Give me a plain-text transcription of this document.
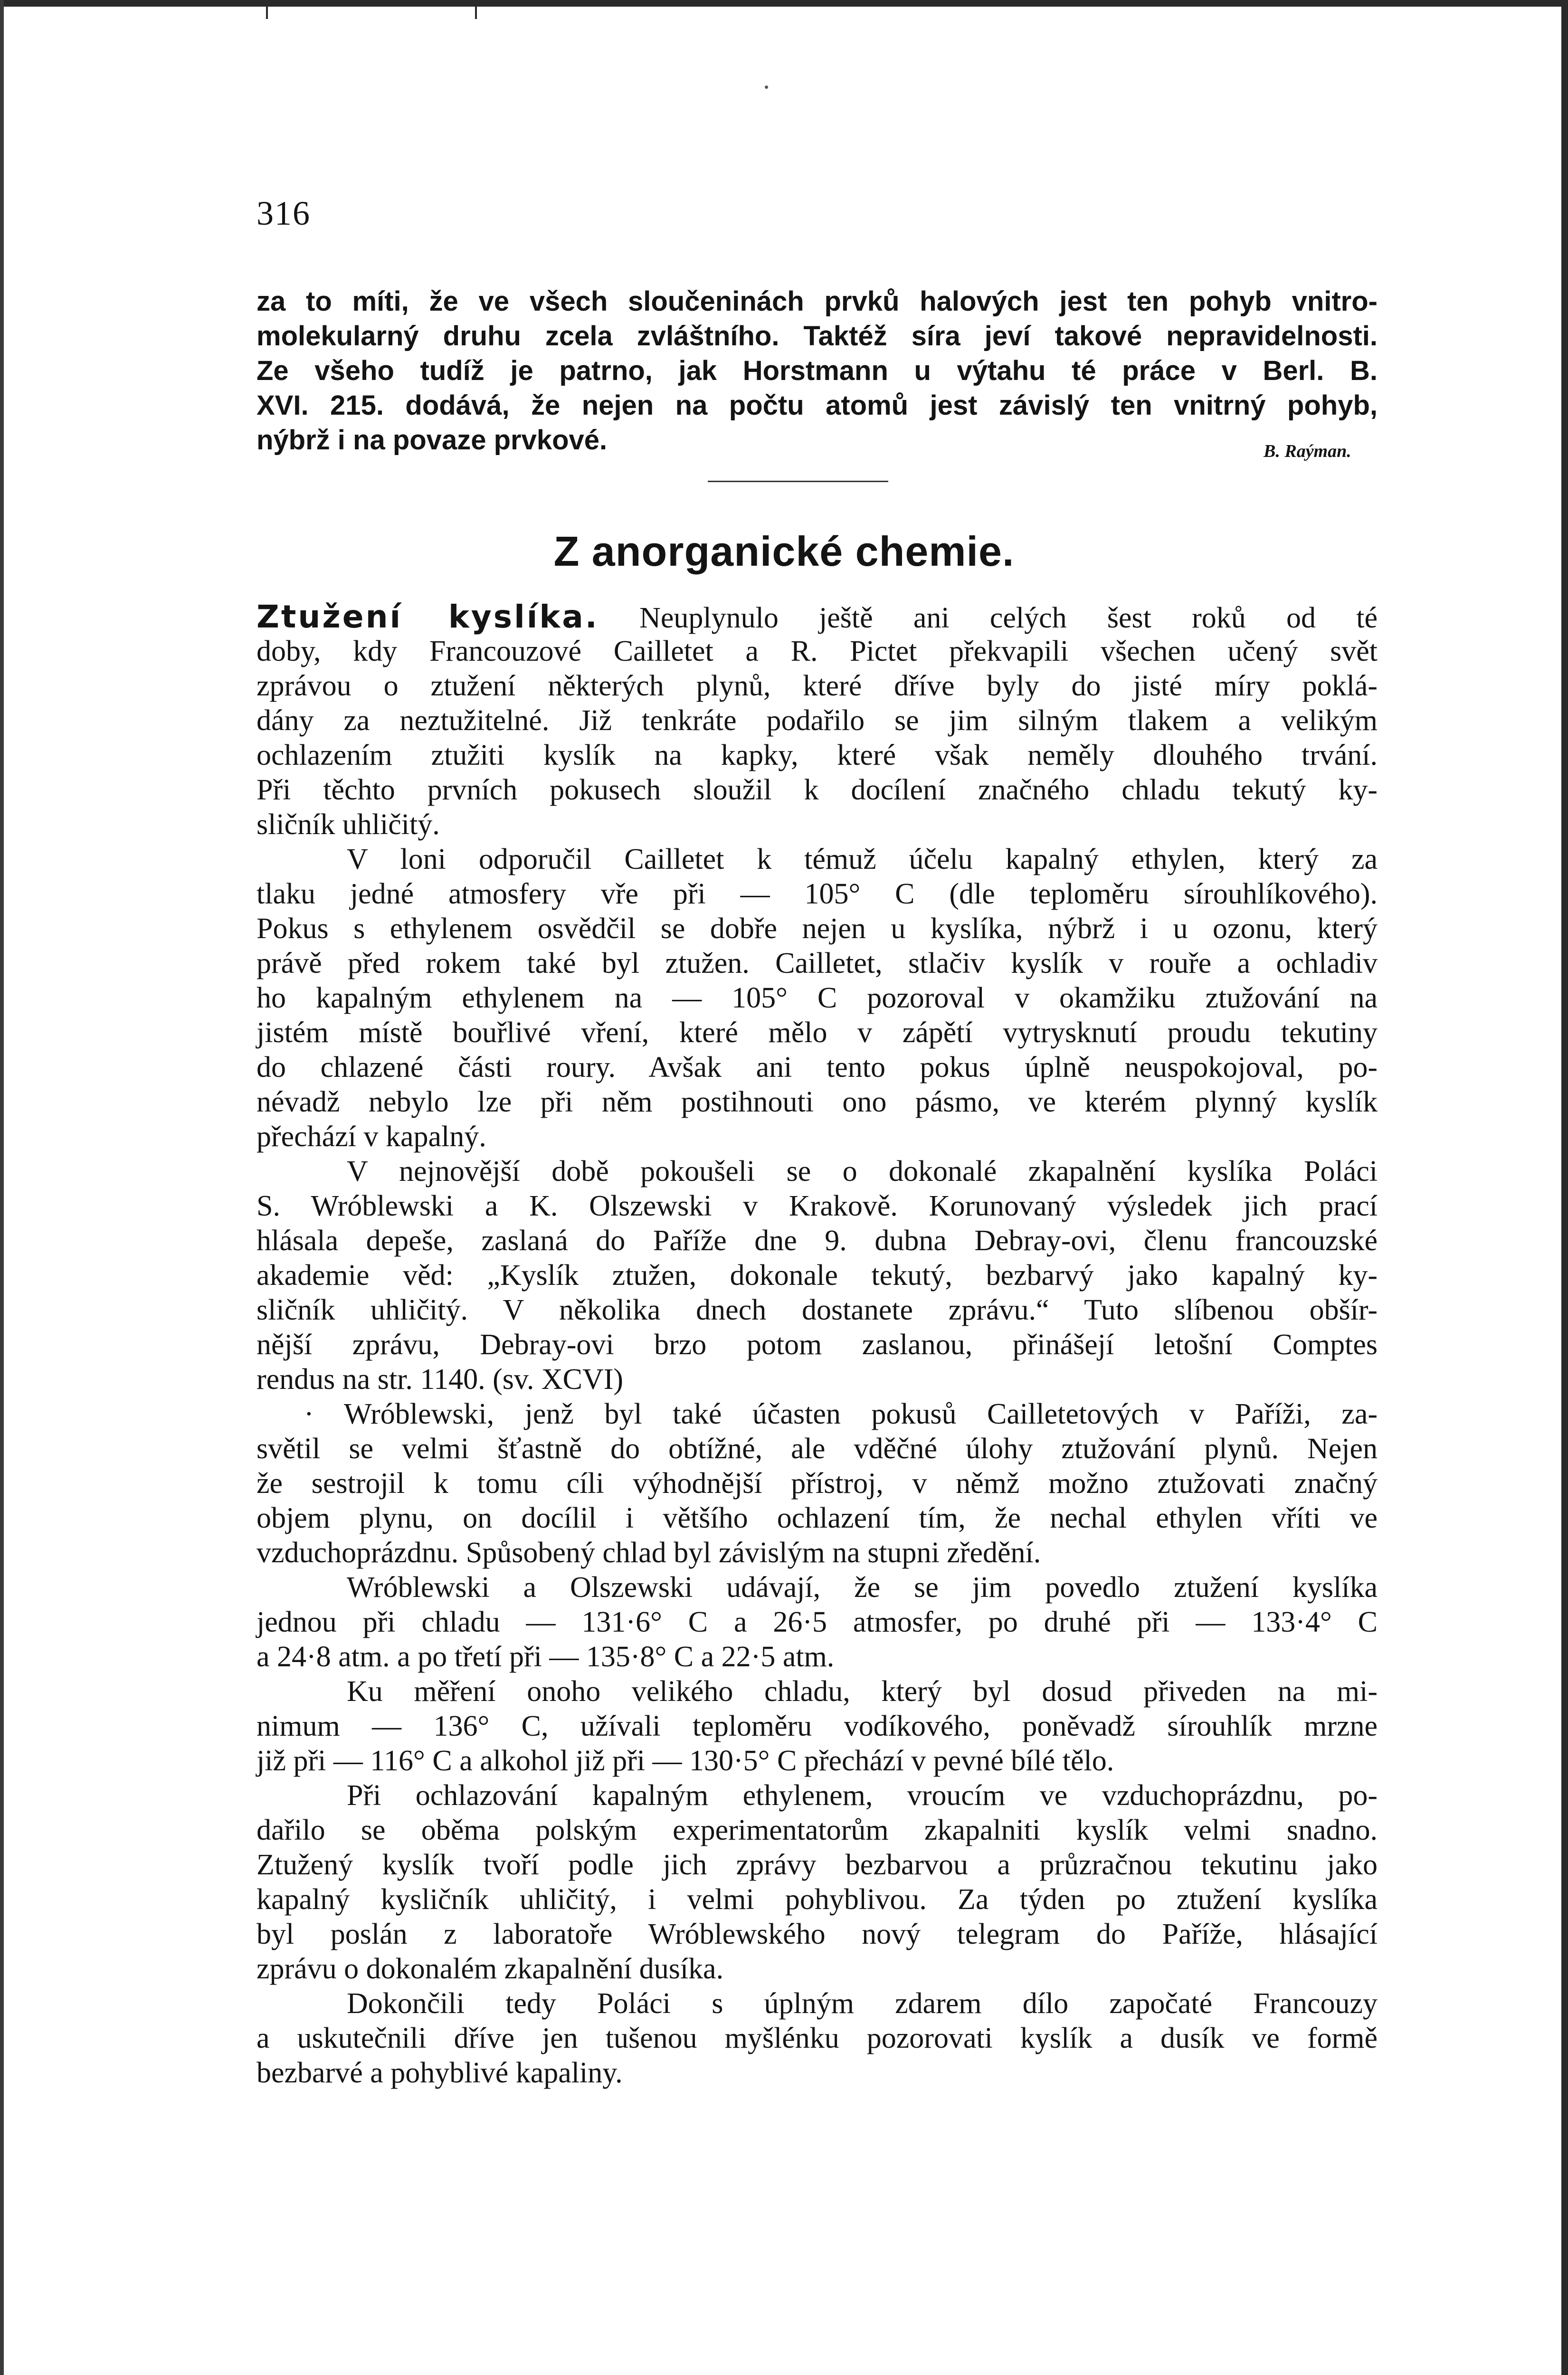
316
za to míti, že ve všech sloučeninách prvků halových jest ten pohyb vnitro-
molekularný druhu zcela zvláštního. Taktéž síra jeví takové nepravidelnosti.
Ze všeho tudíž je patrno, jak Horstmann u výtahu té práce v Berl. B.
XVI. 215. dodává, že nejen na počtu atomů jest závislý ten vnitrný pohyb,
nýbrž i na povaze prvkové.	B. Raýman.
Z anorganické chemie.
Ztužení kyslíka. Neuplynulo ještě ani celých šest roků od té
doby, kdy Francouzové Cailletet a R. Pictet překvapili všechen učený svět
zprávou o ztužení některých plynů, které dříve byly do jisté míry poklá-
dány za neztužitelné. Již tenkráte podařilo se jim silným tlakem a velikým
ochlazením ztužiti kyslík na kapky, které však neměly dlouhého trvání.
Při těchto prvních pokusech sloužil k docílení značného chladu tekutý ky-
sličník uhličitý.
V loni odporučil Cailletet k témuž účelu kapalný ethylen, který za
tlaku jedné atmosfery vře při — 105° C (dle teploměru sírouhlíkového).
Pokus s ethylenem osvědčil se dobře nejen u kyslíka, nýbrž i u ozonu, který
právě před rokem také byl ztužen. Cailletet, stlačiv kyslík v rouře a ochladiv
ho kapalným ethylenem na — 105° C pozoroval v okamžiku ztužování na
jistém místě bouřlivé vření, které mělo v zápětí vytrysknutí proudu tekutiny
do chlazené části roury. Avšak ani tento pokus úplně neuspokojoval, po-
névadž nebylo lze při něm postihnouti ono pásmo, ve kterém plynný kyslík
přechází v kapalný.
V nejnovější době pokoušeli se o dokonalé zkapalnění kyslíka Poláci
S. Wróblewski a K. Olszewski v Krakově. Korunovaný výsledek jich prací
hlásala depeše, zaslaná do Paříže dne 9. dubna Debray-ovi, členu francouzské
akademie věd: „Kyslík ztužen, dokonale tekutý, bezbarvý jako kapalný ky-
sličník uhličitý. V několika dnech dostanete zprávu.“ Tuto slíbenou obšír-
nější zprávu, Debray-ovi brzo potom zaslanou, přinášejí letošní Comptes
rendus na str. 1140. (sv. XCVI)
· Wróblewski, jenž byl také účasten pokusů Cailletetových v Paříži, za-
světil se velmi šťastně do obtížné, ale vděčné úlohy ztužování plynů. Nejen
že sestrojil k tomu cíli výhodnější přístroj, v němž možno ztužovati značný
objem plynu, on docílil i většího ochlazení tím, že nechal ethylen vříti ve
vzduchoprázdnu. Spůsobený chlad byl závislým na stupni zředění.
Wróblewski a Olszewski udávají, že se jim povedlo ztužení kyslíka
jednou při chladu — 131·6° C a 26·5 atmosfer, po druhé při — 133·4° C
a 24·8 atm. a po třetí při — 135·8° C a 22·5 atm.
Ku měření onoho velikého chladu, který byl dosud přiveden na mi-
nimum — 136° C, užívali teploměru vodíkového, poněvadž sírouhlík mrzne
již při — 116° C a alkohol již při — 130·5° C přechází v pevné bílé tělo.
Při ochlazování kapalným ethylenem, vroucím ve vzduchoprázdnu, po-
dařilo se oběma polským experimentatorům zkapalniti kyslík velmi snadno.
Ztužený kyslík tvoří podle jich zprávy bezbarvou a průzračnou tekutinu jako
kapalný kysličník uhličitý, i velmi pohyblivou. Za týden po ztužení kyslíka
byl poslán z laboratoře Wróblewského nový telegram do Paříže, hlásající
zprávu o dokonalém zkapalnění dusíka.
Dokončili tedy Poláci s úplným zdarem dílo započaté Francouzy
a uskutečnili dříve jen tušenou myšlénku pozorovati kyslík a dusík ve formě
bezbarvé a pohyblivé kapaliny.
